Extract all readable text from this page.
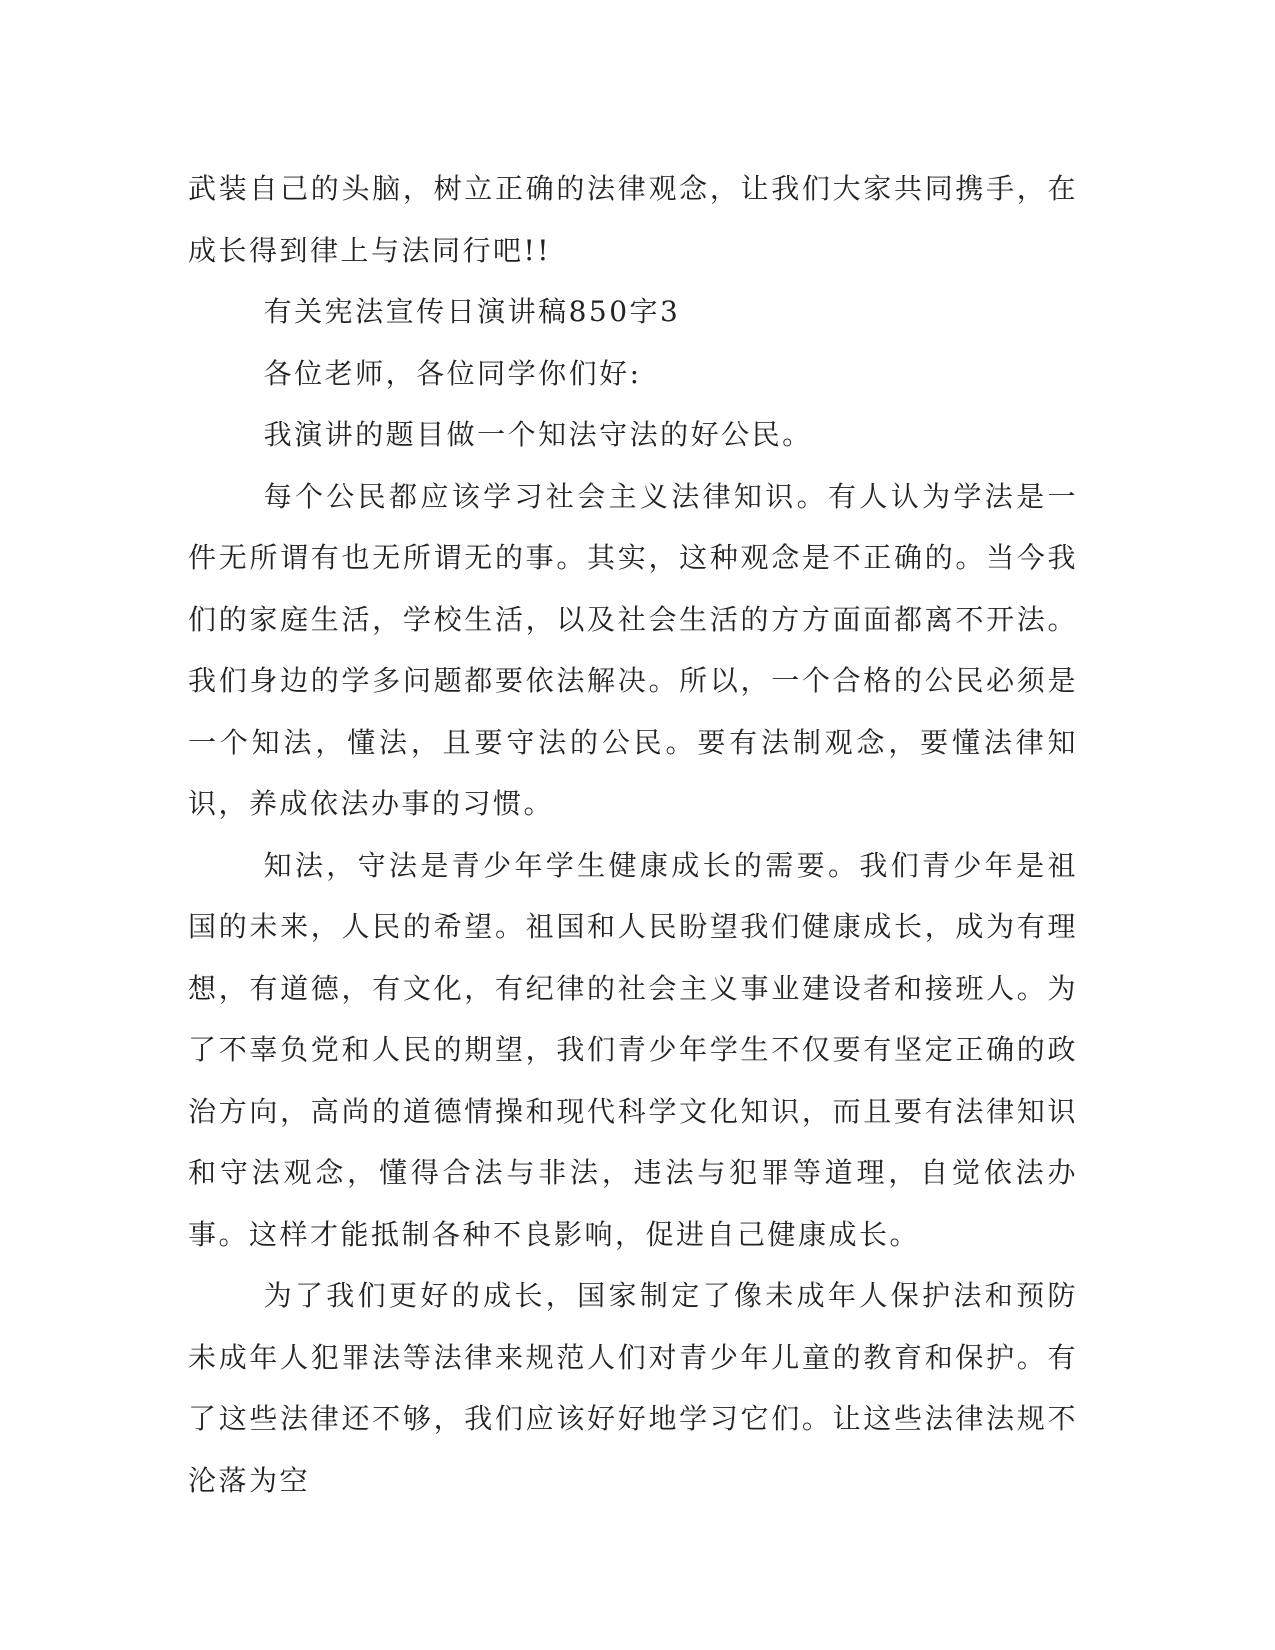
武装自己的头脑，树立正确的法律观念，让我们大家共同携手，在成长得到律上与法同行吧!!

有关宪法宣传日演讲稿850字3

各位老师，各位同学你们好:

我演讲的题目做一个知法守法的好公民。

每个公民都应该学习社会主义法律知识。有人认为学法是一件无所谓有也无所谓无的事。其实，这种观念是不正确的。当今我们的家庭生活，学校生活，以及社会生活的方方面面都离不开法。我们身边的学多问题都要依法解决。所以，一个合格的公民必须是一个知法，懂法，且要守法的公民。要有法制观念，要懂法律知识，养成依法办事的习惯。

知法，守法是青少年学生健康成长的需要。我们青少年是祖国的未来，人民的希望。祖国和人民盼望我们健康成长，成为有理想，有道德，有文化，有纪律的社会主义事业建设者和接班人。为了不辜负党和人民的期望，我们青少年学生不仅要有坚定正确的政治方向，高尚的道德情操和现代科学文化知识，而且要有法律知识和守法观念，懂得合法与非法，违法与犯罪等道理，自觉依法办事。这样才能抵制各种不良影响，促进自己健康成长。

为了我们更好的成长，国家制定了像未成年人保护法和预防未成年人犯罪法等法律来规范人们对青少年儿童的教育和保护。有了这些法律还不够，我们应该好好地学习它们。让这些法律法规不沦落为空
